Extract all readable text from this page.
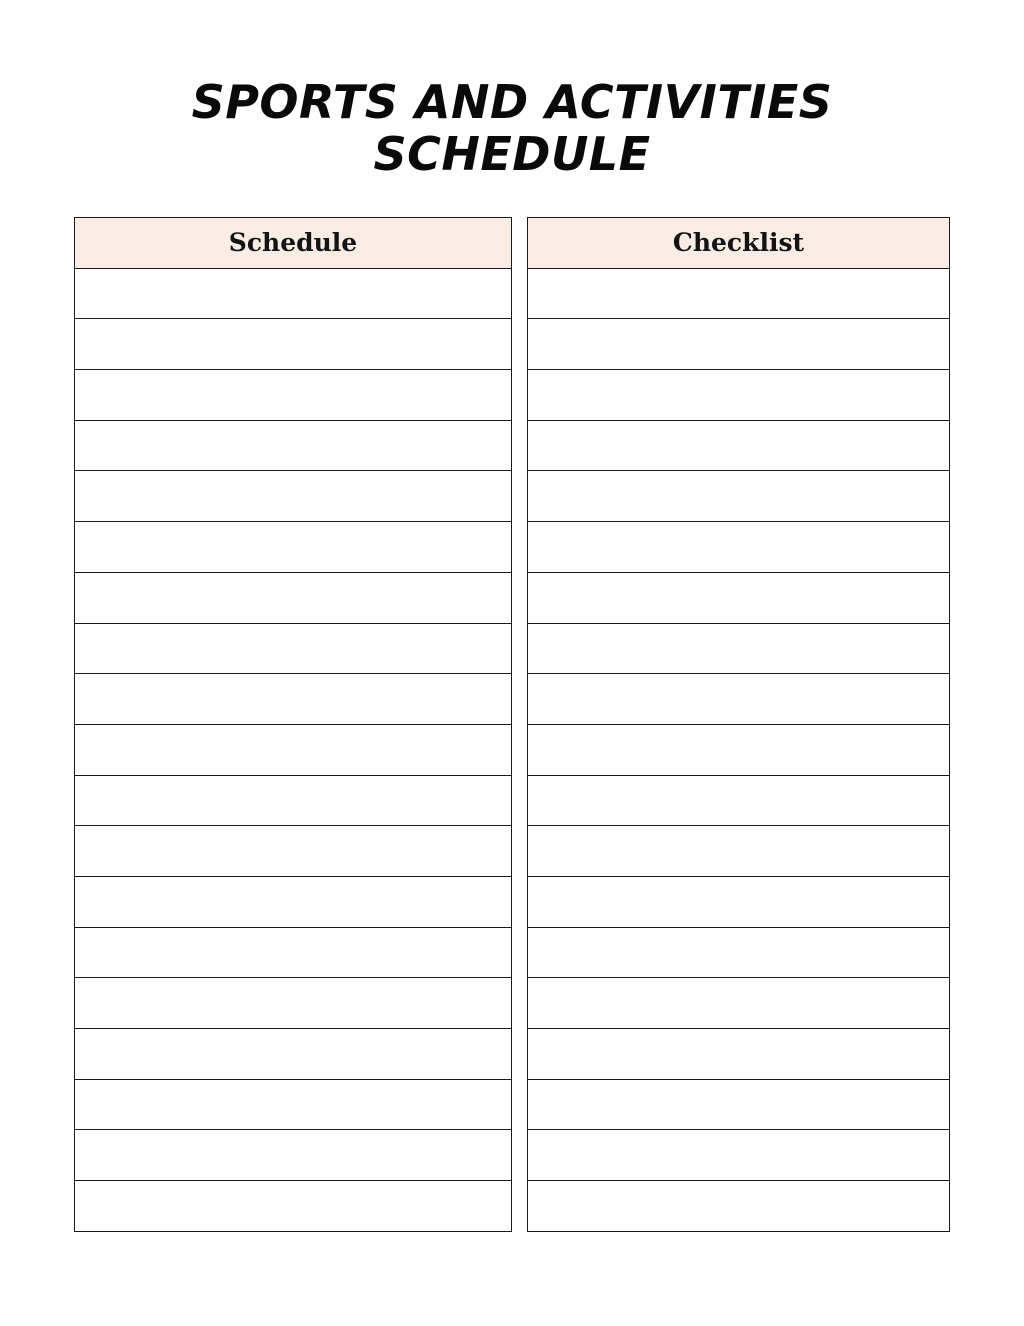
SPORTS AND ACTIVITIES
SCHEDULE
Schedule	Checklist
